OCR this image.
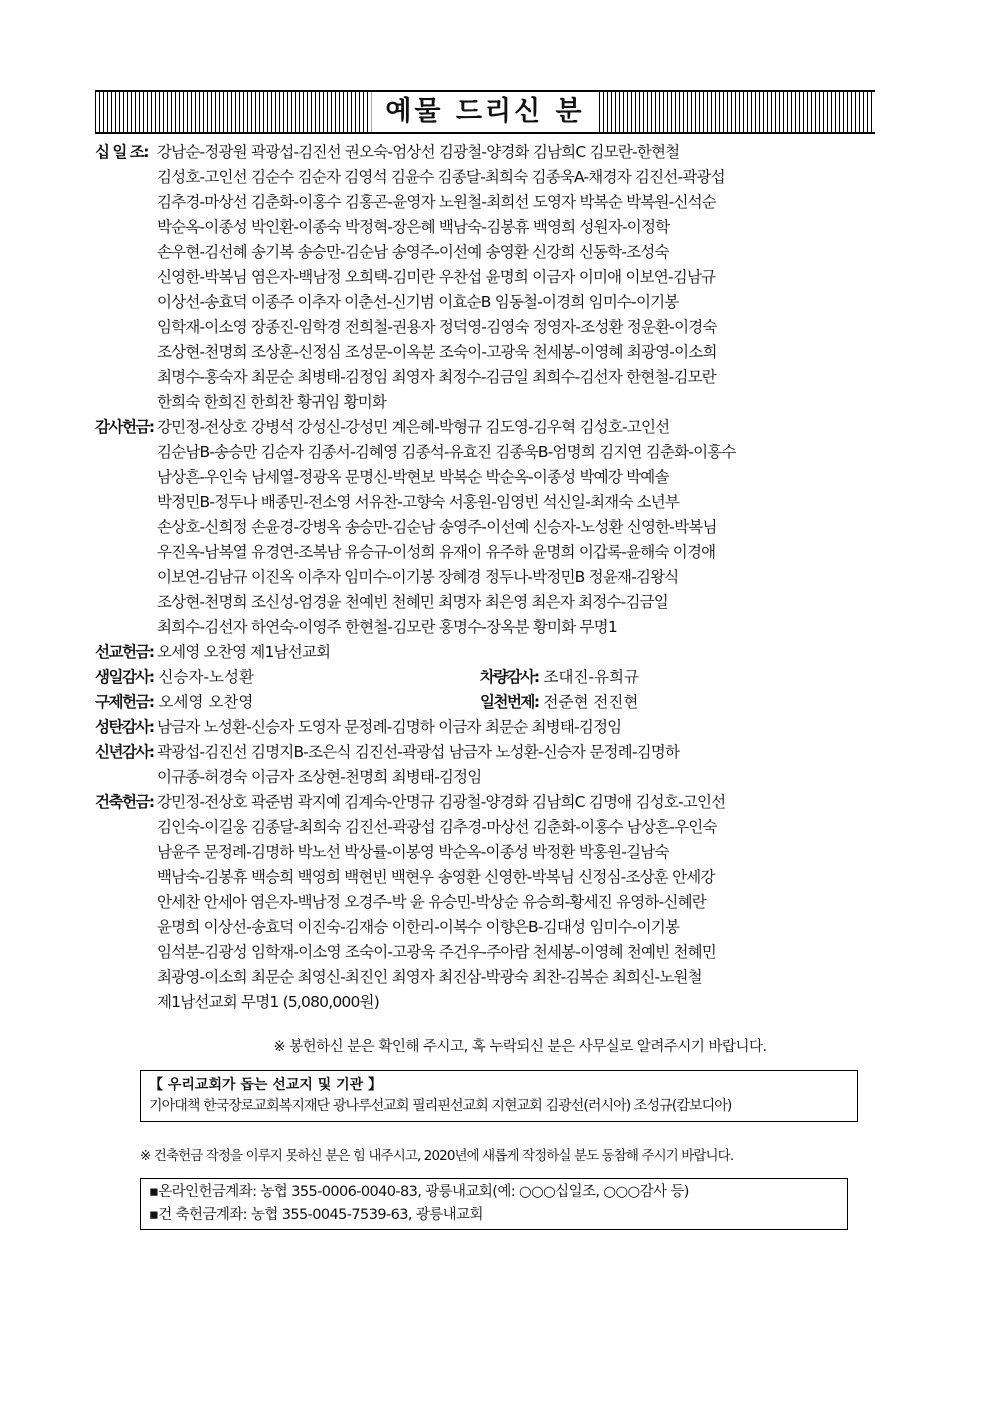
예물 드리신 분
십 일 조: 강남순-정광원 곽광섭-김진선 권오숙-엄상선 김광철-양경화 김남희C 김모란-한현철
김성호-고인선 김순수 김순자 김영석 김윤수 김종달-최희숙 김종욱A-채경자 김진선-곽광섭
김추경-마상선 김춘화-이홍수 김홍곤-윤영자 노원철-최희선 도영자 박복순 박복원-신석순
박순옥-이종성 박인환-이종숙 박정혁-장은혜 백남숙-김봉휴 백영희 성원자-이정학
손우현-김선혜 송기복 송승만-김순남 송영주-이선예 송영환 신강희 신동학-조성숙
신영한-박복님 염은자-백남정 오희택-김미란 우찬섭 윤명희 이금자 이미애 이보연-김남규
이상선-송효덕 이종주 이추자 이춘선-신기범 이효순B 임동철-이경희 임미수-이기봉
임학재-이소영 장종진-임학경 전희철-권용자 정덕영-김영숙 정영자-조성환 정운환-이경숙
조상현-천명희 조상훈-신정심 조성문-이옥분 조숙이-고광욱 천세봉-이영혜 최광영-이소희
최명수-홍숙자 최문순 최병태-김정임 최영자 최정수-김금일 최희수-김선자 한현철-김모란
한희숙 한희진 한희찬 황귀임 황미화
감사헌금: 강민정-전상호 강병석 강성신-강성민 계은혜-박형규 김도영-김우혁 김성호-고인선
김순남B-송승만 김순자 김종서-김혜영 김종석-유효진 김종욱B-엄명희 김지연 김춘화-이홍수
남상흔-우인숙 남세열-정광옥 문명신-박현보 박복순 박순옥-이종성 박예강 박예솔
박정민B-정두나 배종민-전소영 서유찬-고향숙 서홍원-임영빈 석신일-최재숙 소년부
손상호-신희정 손윤경-강병옥 송승만-김순남 송영주-이선예 신승자-노성환 신영한-박복님
우진옥-남복열 유경연-조복남 유승규-이성희 유재이 유주하 윤명희 이갑록-윤해숙 이경애
이보연-김남규 이진옥 이추자 임미수-이기봉 장혜경 정두나-박정민B 정윤재-김왕식
조상현-천명희 조신성-엄경윤 천예빈 천혜민 최명자 최은영 최은자 최정수-김금일
최희수-김선자 하연숙-이영주 한현철-김모란 홍명수-장옥분 황미화 무명1
선교헌금: 오세영 오찬영 제1남선교회
생일감사:
신승자-노성환	차량감사:
조대진-유희규
구제헌금:
오세영 오찬영	일천번제:
전준현 전진현
성탄감사: 남금자 노성환-신승자 도영자 문정례-김명하 이금자 최문순 최병태-김정임
신년감사: 곽광섭-김진선 김명지B-조은식 김진선-곽광섭 남금자 노성환-신승자 문정례-김명하
이규종-허경숙 이금자 조상현-천명희 최병태-김정임
건축헌금: 강민정-전상호 곽준범 곽지예 김계숙-안명규 김광철-양경화 김남희C 김명애 김성호-고인선
김인숙-이길웅 김종달-최희숙 김진선-곽광섭 김추경-마상선 김춘화-이홍수 남상흔-우인숙
남윤주 문정례-김명하 박노선 박상률-이봉영 박순옥-이종성 박정환 박홍원-길남숙
백남숙-김봉휴 백승희 백영희 백현빈 백현우 송영환 신영한-박복님 신정심-조상훈 안세강
안세찬 안세아 염은자-백남정 오경주-박 윤 유승민-박상순 유승희-황세진 유영하-신혜란
윤명희 이상선-송효덕 이진숙-김재승 이한리-이복수 이향은B-김대성 임미수-이기봉
임석분-김광성 임학재-이소영 조숙이-고광욱 주건우-주아람 천세봉-이영혜 천예빈 천혜민
최광영-이소희 최문순 최영신-최진인 최영자 최진삼-박광숙 최찬-김복순 최희신-노원철
제1남선교회 무명1 (5,080,000원)
※ 봉헌하신 분은 확인해 주시고, 혹 누락되신 분은 사무실로 알려주시기 바랍니다.
【 우리교회가 돕는 선교지 및 기관 】
기아대책 한국장로교회복지재단 광나루선교회 필리핀선교회 지현교회 김광선(러시아) 조성규(캄보디아)
※ 건축헌금 작정을 이루지 못하신 분은 힘 내주시고, 2020년에 새롭게 작정하실 분도 동참해 주시기 바랍니다.
▪온라인헌금계좌: 농협 355-0006-0040-83, 광릉내교회(예: ○○○십일조, ○○○감사 등)
▪건 축헌금계좌: 농협 355-0045-7539-63, 광릉내교회
